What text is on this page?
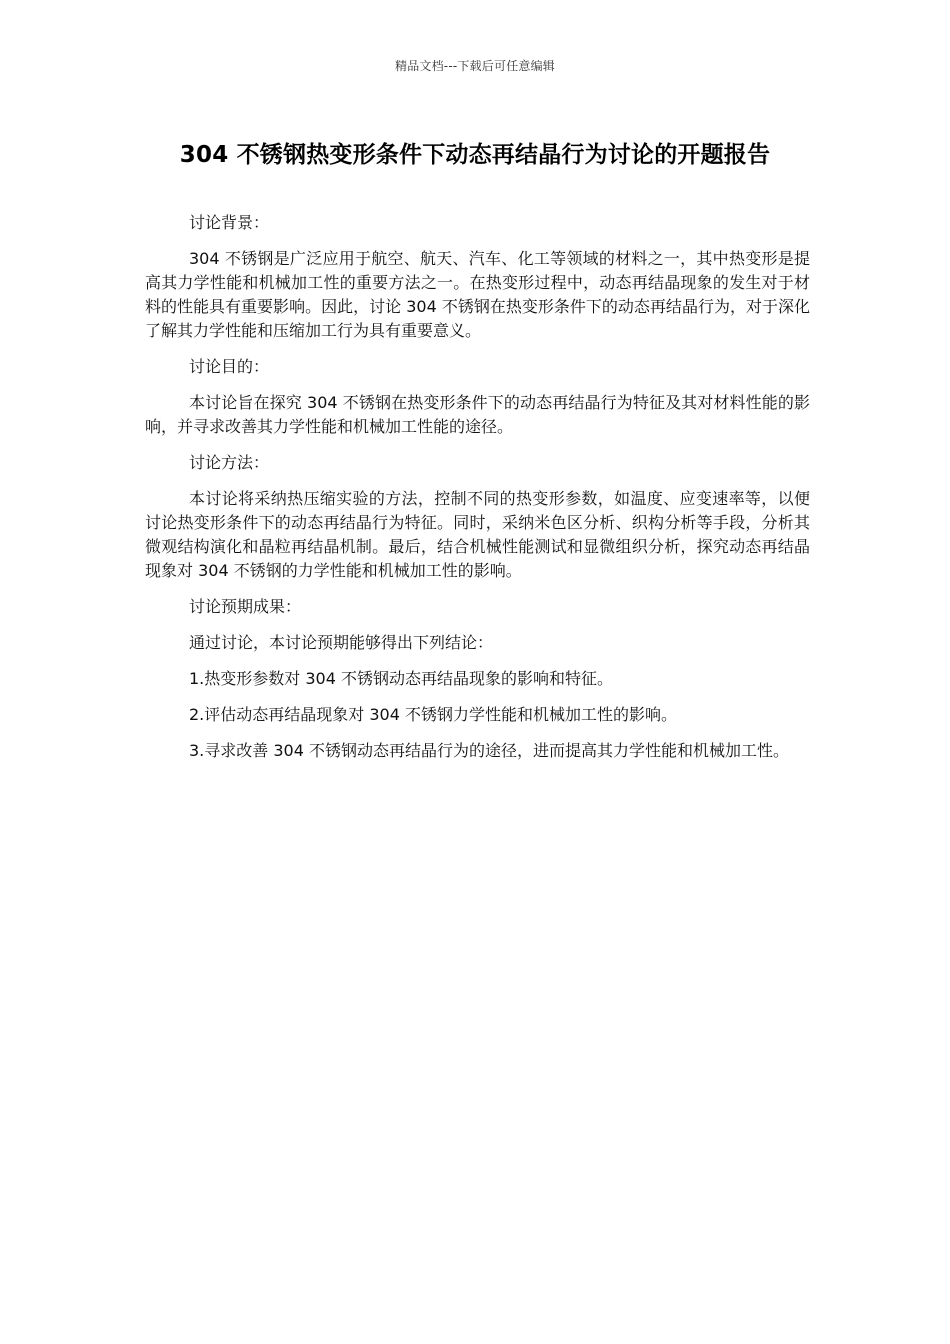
精品文档---下载后可任意编辑
304 不锈钢热变形条件下动态再结晶行为讨论的开题报告

讨论背景：

304 不锈钢是广泛应用于航空、航天、汽车、化工等领域的材料之一，其中热变形是提高其力学性能和机械加工性的重要方法之一。在热变形过程中，动态再结晶现象的发生对于材料的性能具有重要影响。因此，讨论 304 不锈钢在热变形条件下的动态再结晶行为，对于深化了解其力学性能和压缩加工行为具有重要意义。

讨论目的：

本讨论旨在探究 304 不锈钢在热变形条件下的动态再结晶行为特征及其对材料性能的影响，并寻求改善其力学性能和机械加工性能的途径。

讨论方法：

本讨论将采纳热压缩实验的方法，控制不同的热变形参数，如温度、应变速率等，以便讨论热变形条件下的动态再结晶行为特征。同时，采纳米色区分析、织构分析等手段，分析其微观结构演化和晶粒再结晶机制。最后，结合机械性能测试和显微组织分析，探究动态再结晶现象对 304 不锈钢的力学性能和机械加工性的影响。

讨论预期成果：

通过讨论，本讨论预期能够得出下列结论：

1.热变形参数对 304 不锈钢动态再结晶现象的影响和特征。

2.评估动态再结晶现象对 304 不锈钢力学性能和机械加工性的影响。

3.寻求改善 304 不锈钢动态再结晶行为的途径，进而提高其力学性能和机械加工性。
